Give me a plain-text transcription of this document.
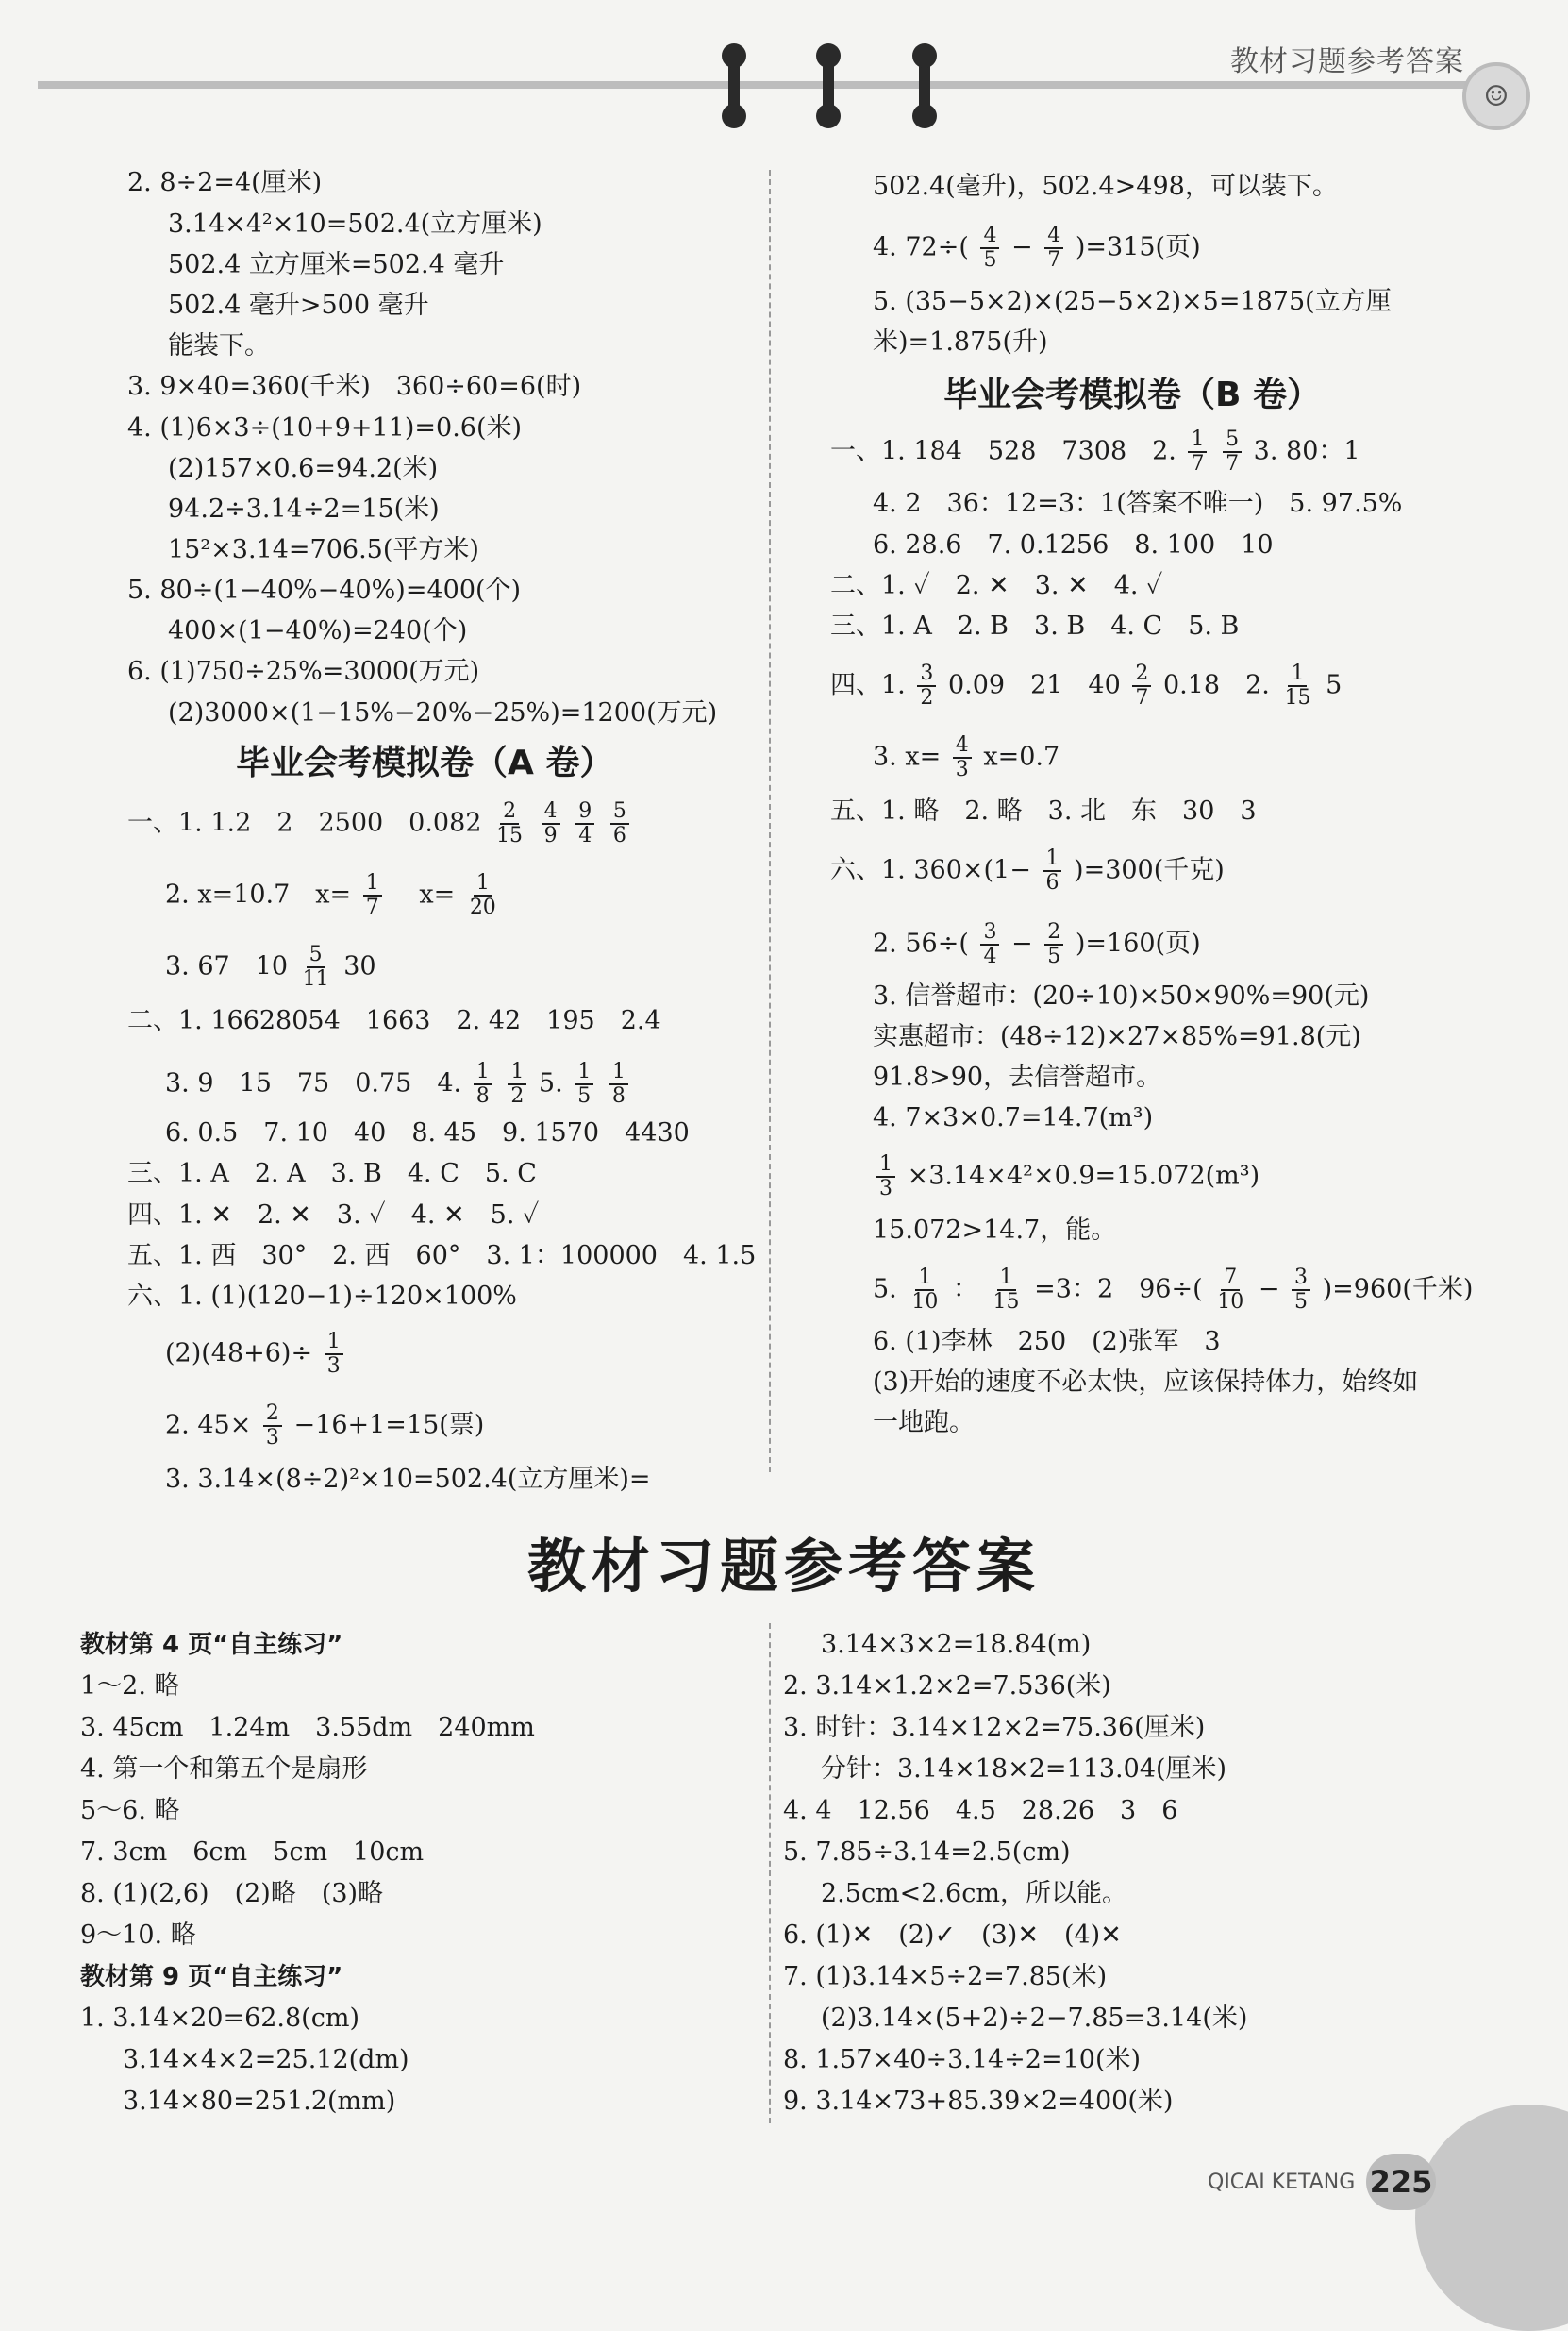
教材习题参考答案
☺
2. 8÷2=4(厘米)
3.14×4²×10=502.4(立方厘米)
502.4 立方厘米=502.4 毫升
502.4 毫升>500 毫升
能装下。
3. 9×40=360(千米)　360÷60=6(时)
4. (1)6×3÷(10+9+11)=0.6(米)
(2)157×0.6=94.2(米)
94.2÷3.14÷2=15(米)
15²×3.14=706.5(平方米)
5. 80÷(1−40%−40%)=400(个)
400×(1−40%)=240(个)
6. (1)750÷25%=3000(万元)
(2)3000×(1−15%−20%−25%)=1200(万元)
毕业会考模拟卷（A 卷）
一、1. 1.2　2　2500　$0.082 \frac{2}{15}$
$\frac{4}{9}$
$\frac{9}{4}$
$\frac{5}{6}$
2. x=10.7　$x= \frac{1}{7}$ 　$x= \frac{1}{20}$
3. 67　$10 \frac{5}{11} 30$
二、1. 16628054　1663　2. 42　195　2.4
3. 9　15　75　0.75　4. $\frac{1}{8}$
$\frac{1}{2} 5$. $\frac{1}{5}$
$\frac{1}{8}$
6. 0.5　7. 10　40　8. 45　9. 1570　4430
三、1. A　2. A　3. B　4. C　5. C
四、1. ✕　2. ✕　3. ✓　4. ✕　5. ✓
五、1. 西　30°　2. 西　60°　3. 1：100000　4. 1.5
六、1. (1)(120−1)÷120×100%
$(2)(48+6)\div \frac{1}{3}$
2. $45\times \frac{2}{3} -16+1=15$(票)
3. 3.14×(8÷2)²×10=502.4(立方厘米)=
502.4(毫升)，502.4>498，可以装下。
4. $72\div( \frac{4}{5} - \frac{4}{7} )=315$(页)
5. (35−5×2)×(25−5×2)×5=1875(立方厘
米)=1.875(升)
毕业会考模拟卷（B 卷）
一、1. 184　528　7308　2. $\frac{1}{7}$
$\frac{5}{7} 3$. 80：1
4. 2　36：12=3：1(答案不唯一)　5. 97.5%
6. 28.6　7. 0.1256　8. 100　10
二、1. ✓　2. ✕　3. ✕　4. ✓
三、1. A　2. B　3. B　4. C　5. B
四、1. $\frac{3}{2} 0.09$　21　$40 \frac{2}{7} 0.18$　2. $\frac{1}{15} 5$
3. $x= \frac{4}{3} x=0.7$
五、1. 略　2. 略　3. 北　东　30　3
六、1. $360\times(1- \frac{1}{6} )=300$(千克)
2. $56\div( \frac{3}{4} - \frac{2}{5} )=160$(页)
3. 信誉超市：(20÷10)×50×90%=90(元)
实惠超市：(48÷12)×27×85%=91.8(元)
91.8>90，去信誉超市。
4. 7×3×0.7=14.7(m³)
$\frac{1}{3} \times 3.14\times 4^2\times 0.9=15.072(m^3)$
15.072>14.7，能。
5. $\frac{1}{10}$ ： $\frac{1}{15} =3$：2　$96\div( \frac{7}{10} - \frac{3}{5} )=960$(千米)
6. (1)李林　250　(2)张军　3
(3)开始的速度不必太快，应该保持体力，始终如
一地跑。
教材习题参考答案
教材第 4 页“自主练习”
1～2. 略
3. 45cm　1.24m　3.55dm　240mm
4. 第一个和第五个是扇形
5～6. 略
7. 3cm　6cm　5cm　10cm
8. (1)(2,6)　(2)略　(3)略
9～10. 略
教材第 9 页“自主练习”
1. 3.14×20=62.8(cm)
3.14×4×2=25.12(dm)
3.14×80=251.2(mm)
3.14×3×2=18.84(m)
2. 3.14×1.2×2=7.536(米)
3. 时针：3.14×12×2=75.36(厘米)
分针：3.14×18×2=113.04(厘米)
4. 4　12.56　4.5　28.26　3　6
5. 7.85÷3.14=2.5(cm)
2.5cm<2.6cm，所以能。
6. (1)✕　(2)✓　(3)✕　(4)✕
7. (1)3.14×5÷2=7.85(米)
(2)3.14×(5+2)÷2−7.85=3.14(米)
8. 1.57×40÷3.14÷2=10(米)
9. 3.14×73+85.39×2=400(米)
QICAI KETANG 225
